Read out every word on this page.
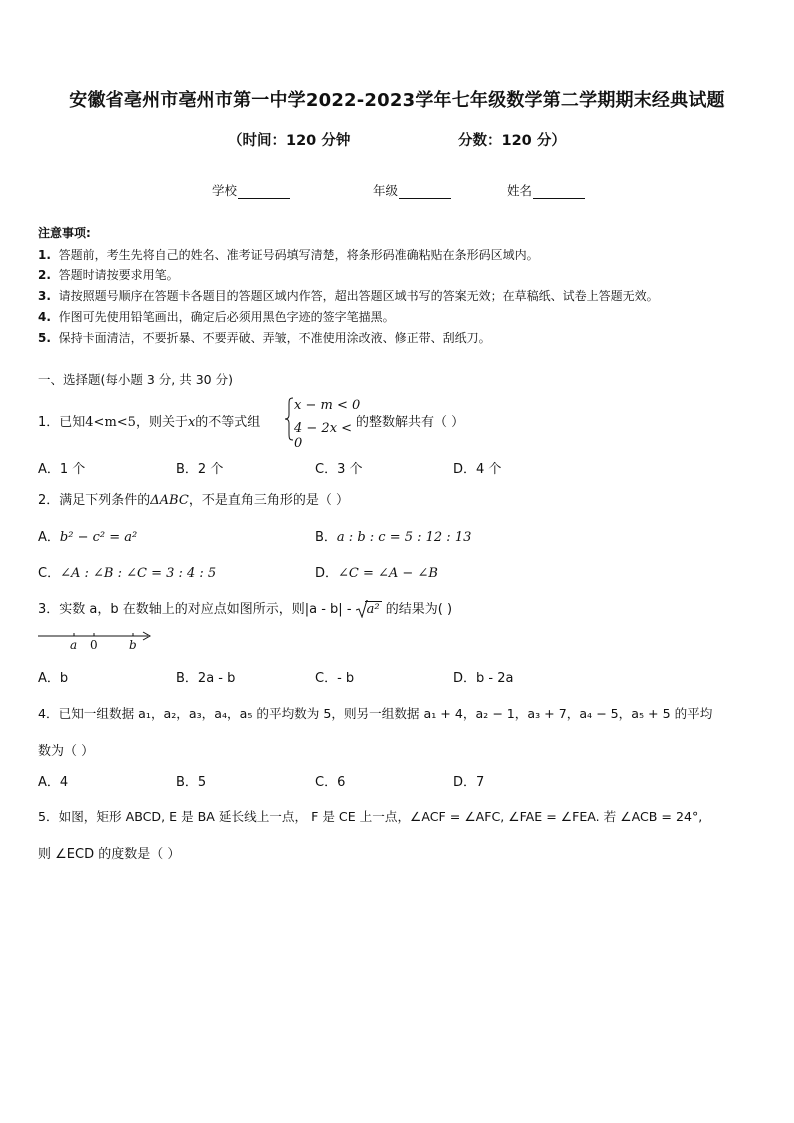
安徽省亳州市亳州市第一中学2022-2023学年七年级数学第二学期期末经典试题
（时间：120 分钟	分数：120 分）
学校	年级	姓名
注意事项:
1. 答题前，考生先将自己的姓名、准考证号码填写清楚，将条形码准确粘贴在条形码区域内。
2. 答题时请按要求用笔。
3. 请按照题号顺序在答题卡各题目的答题区域内作答，超出答题区域书写的答案无效；在草稿纸、试卷上答题无效。
4. 作图可先使用铅笔画出，确定后必须用黑色字迹的签字笔描黑。
5. 保持卡面清洁，不要折暴、不要弄破、弄皱，不准使用涂改液、修正带、刮纸刀。
一、选择题(每小题 3 分, 共 30 分)
1．已知4<m<5，则关于x的不等式组
x − m < 0
4 − 2x < 0
的整数解共有（ ）
A．1 个	B．2 个	C．3 个	D．4 个
2．满足下列条件的ΔABC，不是直角三角形的是（ ）
A．b² − c² = a²	B．a : b : c = 5 : 12 : 13
C．∠A : ∠B : ∠C = 3 : 4 : 5	D．∠C = ∠A − ∠B
3．实数 a，b 在数轴上的对应点如图所示，则|a - b| - a² 的结果为( )
a 0	b
A．b	B．2a - b	C．- b	D．b - 2a
4．已知一组数据 a₁，a₂，a₃，a₄，a₅ 的平均数为 5，则另一组数据 a₁ + 4，a₂ − 1，a₃ + 7，a₄ − 5，a₅ + 5 的平均
数为（ ）
A．4	B．5	C．6	D．7
5．如图，矩形 ABCD, E 是 BA 延长线上一点， F 是 CE 上一点，∠ACF = ∠AFC, ∠FAE = ∠FEA. 若 ∠ACB = 24°,
则 ∠ECD 的度数是（ ）
